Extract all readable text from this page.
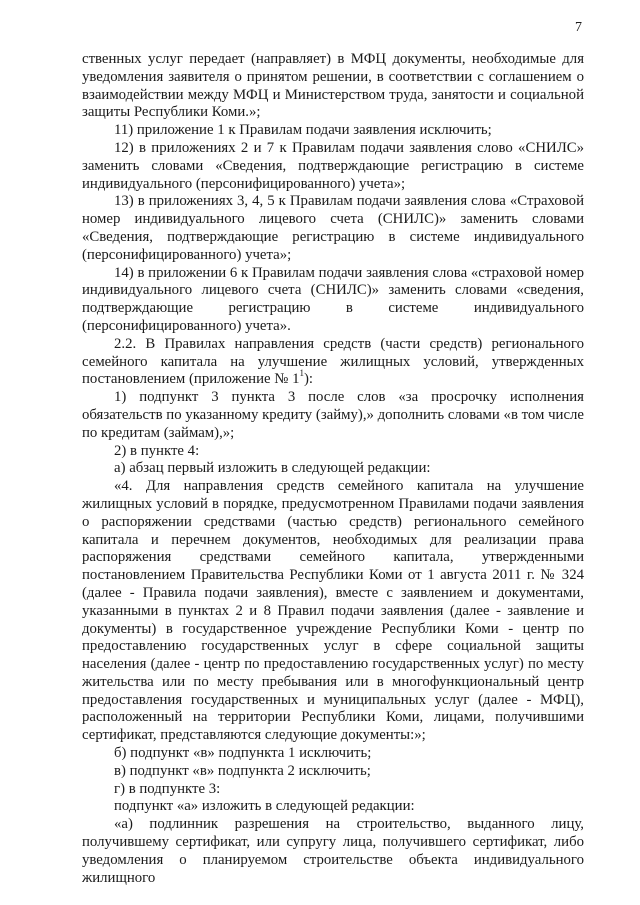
7

ственных услуг передает (направляет) в МФЦ документы, необходимые для уведомления заявителя о принятом решении, в соответствии с соглашением о взаимодействии между МФЦ и Министерством труда, занятости и социальной защиты Республики Коми.»;

11) приложение 1 к Правилам подачи заявления исключить;

12) в приложениях 2 и 7 к Правилам подачи заявления слово «СНИЛС» заменить словами «Сведения, подтверждающие регистрацию в системе индивидуального (персонифицированного) учета»;

13) в приложениях 3, 4, 5 к Правилам подачи заявления слова «Страховой номер индивидуального лицевого счета (СНИЛС)» заменить словами «Сведения, подтверждающие регистрацию в системе индивидуального (персонифицированного) учета»;

14) в приложении 6 к Правилам подачи заявления слова «страховой номер индивидуального лицевого счета (СНИЛС)» заменить словами «сведения, подтверждающие регистрацию в системе индивидуального (персонифицированного) учета».

2.2. В Правилах направления средств (части средств) регионального семейного капитала на улучшение жилищных условий, утвержденных постановлением (приложение № 1$^1$):

1) подпункт 3 пункта 3 после слов «за просрочку исполнения обязательств по указанному кредиту (займу),» дополнить словами «в том числе по кредитам (займам),»;

2) в пункте 4:

а) абзац первый изложить в следующей редакции:

«4. Для направления средств семейного капитала на улучшение жилищных условий в порядке, предусмотренном Правилами подачи заявления о распоряжении средствами (частью средств) регионального семейного капитала и перечнем документов, необходимых для реализации права распоряжения средствами семейного капитала, утвержденными постановлением Правительства Республики Коми от 1 августа 2011 г. № 324 (далее - Правила подачи заявления), вместе с заявлением и документами, указанными в пунктах 2 и 8 Правил подачи заявления (далее - заявление и документы) в государственное учреждение Республики Коми - центр по предоставлению государственных услуг в сфере социальной защиты населения (далее - центр по предоставлению государственных услуг) по месту жительства или по месту пребывания или в многофункциональный центр предоставления государственных и муниципальных услуг (далее - МФЦ), расположенный на территории Республики Коми, лицами, получившими сертификат, представляются следующие документы:»;

б) подпункт «в» подпункта 1 исключить;

в) подпункт «в» подпункта 2 исключить;

г) в подпункте 3:

подпункт «а» изложить в следующей редакции:

«а) подлинник разрешения на строительство, выданного лицу, получившему сертификат, или супругу лица, получившего сертификат, либо уведомления о планируемом строительстве объекта индивидуального жилищного
